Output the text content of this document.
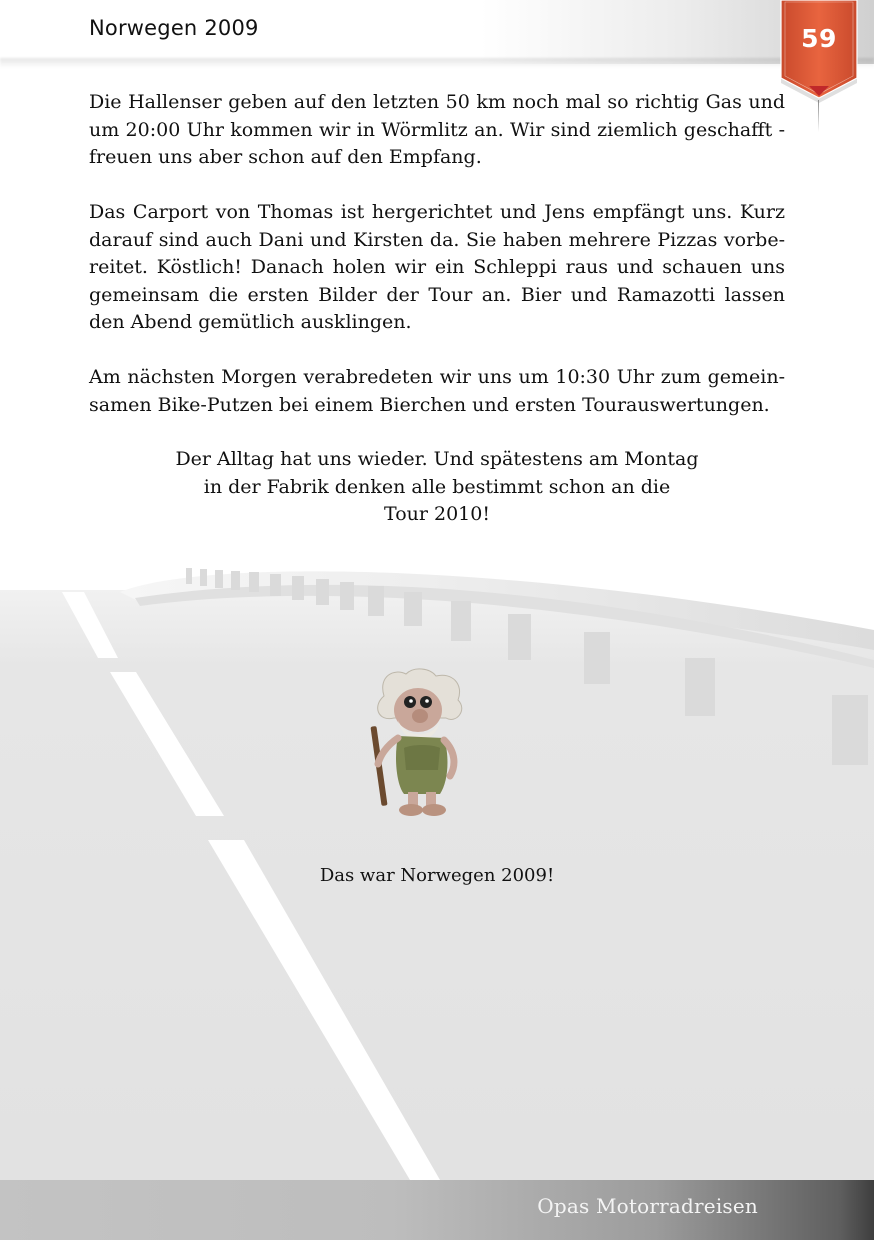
Norwegen 2009	59
Die Hallenser geben auf den letzten 50 km noch mal so richtig Gas und um 20:00 Uhr kommen wir in Wörmlitz an. Wir sind ziemlich geschafft - freuen uns aber schon auf den Empfang.
Das Carport von Thomas ist hergerichtet und Jens empfängt uns. Kurz darauf sind auch Dani und Kirsten da. Sie haben mehrere Pizzas vorbe-reitet. Köstlich! Danach holen wir ein Schleppi raus und schauen uns gemeinsam die ersten Bilder der Tour an. Bier und Ramazotti lassen den Abend gemütlich ausklingen.
Am nächsten Morgen verabredeten wir uns um 10:30 Uhr zum gemein-samen Bike-Putzen bei einem Bierchen und ersten Tourauswertungen.
Der Alltag hat uns wieder. Und spätestens am Montag
in der Fabrik denken alle bestimmt schon an die
Tour 2010!
Das war Norwegen 2009!
Opas Motorradreisen
